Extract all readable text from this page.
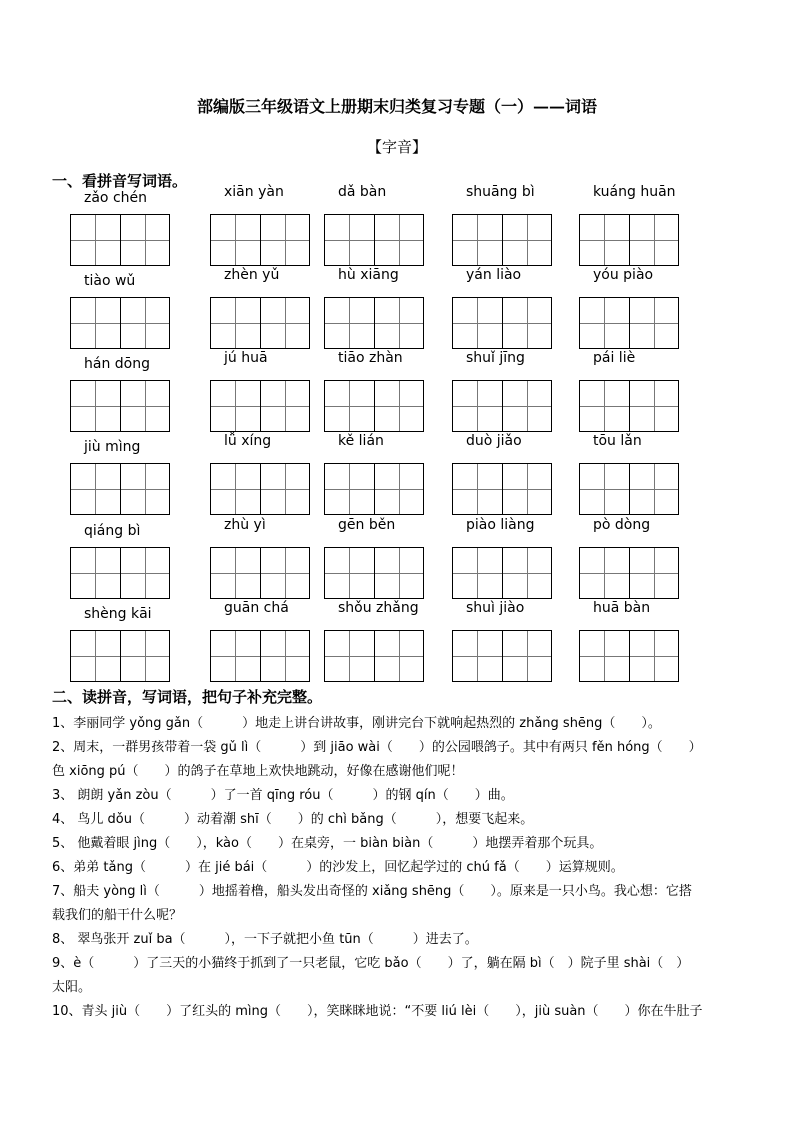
部编版三年级语文上册期末归类复习专题（一）——词语
【字音】
一、看拼音写词语。
zǎo chén	xiān yàn	dǎ bàn	shuāng bì	kuáng huān
tiào wǔ	zhèn yǔ	hù xiāng	yán liào	yóu piào
hán dōng	jú huā	tiāo zhàn	shuǐ jīng	pái liè
jiù mìng	lǚ xíng	kě lián	duò jiǎo	tōu lǎn
qiáng bì	zhù yì	gēn běn	piào liàng	pò dòng
shèng kāi	guān chá	shǒu zhǎng	shuì jiào	huā bàn
二、读拼音，写词语，把句子补充完整。

1、李丽同学 yǒng gǎn（　　　）地走上讲台讲故事，刚讲完台下就响起热烈的 zhǎng shēng（　　）。

2、周末，一群男孩带着一袋 gǔ lì（　　　）到 jiāo wài（　　）的公园喂鸽子。其中有两只 fěn hóng（　　）

色 xiōng pú（　　）的鸽子在草地上欢快地跳动，好像在感谢他们呢！

3、 朗朗 yǎn zòu（　　　）了一首 qīng róu（　　　）的钢 qín（　　）曲。

4、 鸟儿 dǒu（　　　）动着潮 shī（　　）的 chì bǎng（　　　），想要飞起来。

5、 他戴着眼 jìng（　　），kào（　　）在桌旁，一 biàn biàn（　　　）地摆弄着那个玩具。

6、弟弟 tǎng（　　　）在 jié bái（　　　）的沙发上，回忆起学过的 chú fǎ（　　）运算规则。

7、船夫 yòng lì（　　　）地摇着橹，船头发出奇怪的 xiǎng shēng（　　）。原来是一只小鸟。我心想：它搭

载我们的船干什么呢？

8、 翠鸟张开 zuǐ ba（　　　），一下子就把小鱼 tūn（　　　）进去了。

9、è（　　　）了三天的小猫终于抓到了一只老鼠，它吃 bǎo（　　）了，躺在隔 bì（　）院子里 shài（　）

太阳。

10、青头 jiù（　　）了红头的 mìng（　　），笑眯眯地说：“不要 liú lèi（　　），jiù suàn（　　）你在牛肚子
